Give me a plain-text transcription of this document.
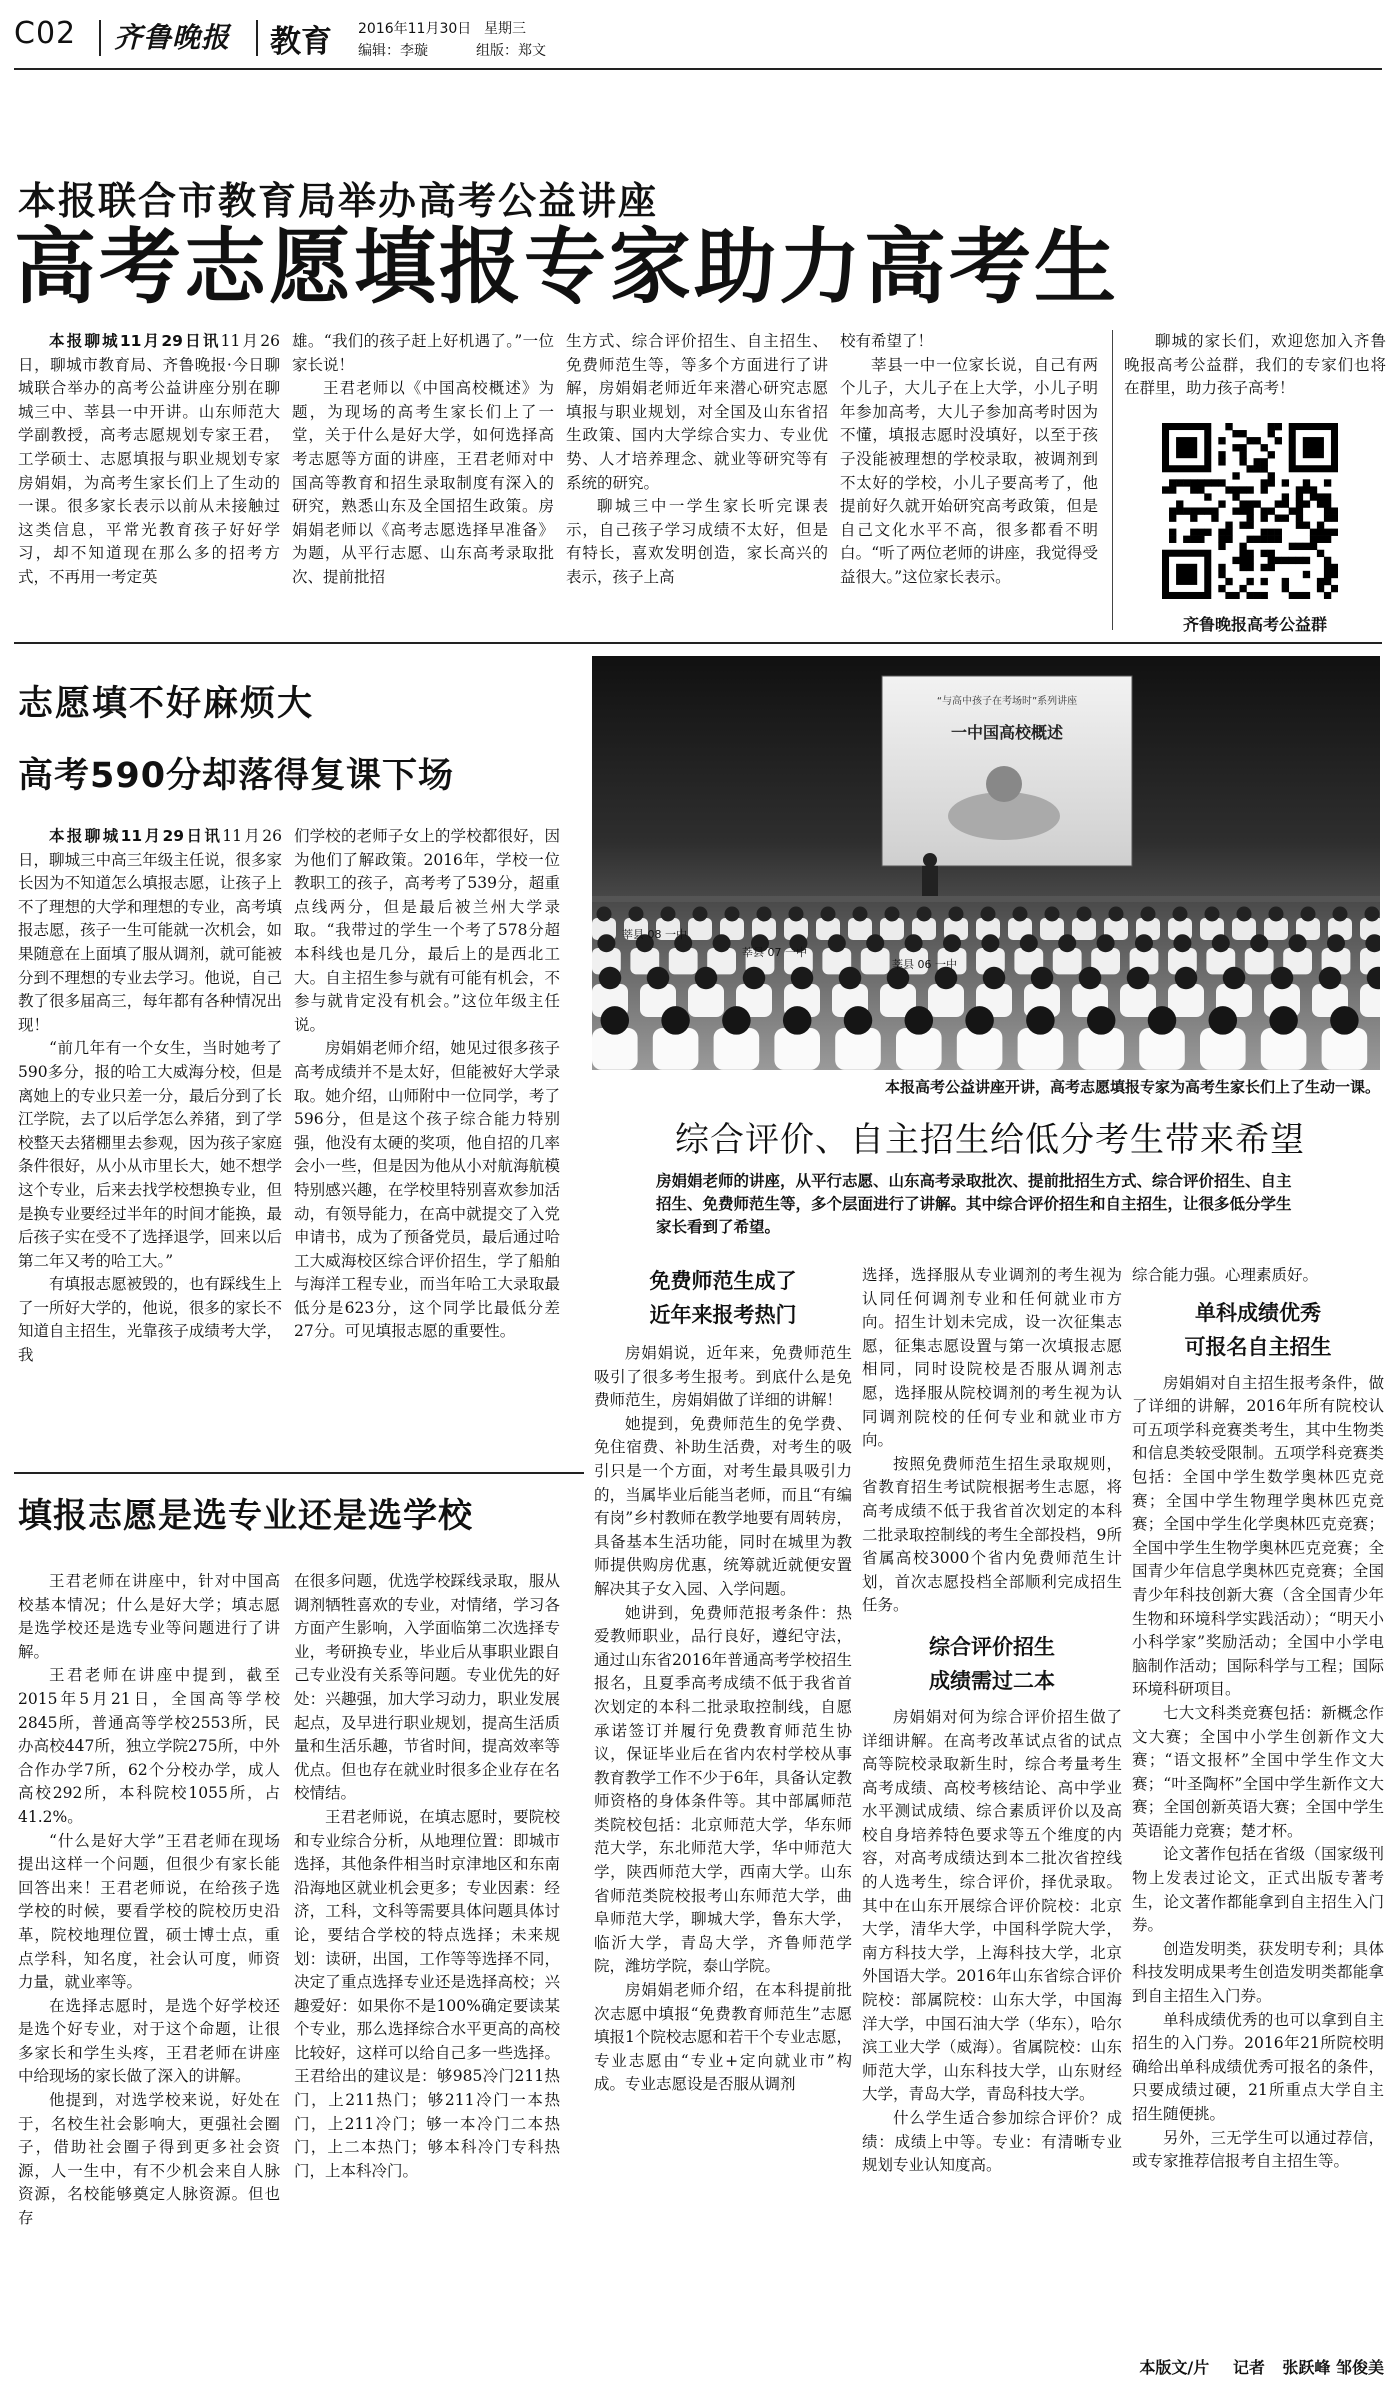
C02 齐鲁晚报 教育 2016年11月30日 星期三
编辑：李璇	组版：郑文
本报联合市教育局举办高考公益讲座
高考志愿填报专家助力高考生

本报聊城11月29日讯11月26日，聊城市教育局、齐鲁晚报·今日聊城联合举办的高考公益讲座分别在聊城三中、莘县一中开讲。山东师范大学副教授，高考志愿规划专家王君，工学硕士、志愿填报与职业规划专家房娟娟，为高考生家长们上了生动的一课。很多家长表示以前从未接触过这类信息，平常光教育孩子好好学习，却不知道现在那么多的招考方式，不再用一考定英

雄。“我们的孩子赶上好机遇了。”一位家长说！

王君老师以《中国高校概述》为题，为现场的高考生家长们上了一堂，关于什么是好大学，如何选择高考志愿等方面的讲座，王君老师对中国高等教育和招生录取制度有深入的研究，熟悉山东及全国招生政策。房娟娟老师以《高考志愿选择早准备》为题，从平行志愿、山东高考录取批次、提前批招

生方式、综合评价招生、自主招生、免费师范生等，等多个方面进行了讲解，房娟娟老师近年来潜心研究志愿填报与职业规划，对全国及山东省招生政策、国内大学综合实力、专业优势、人才培养理念、就业等研究等有系统的研究。

聊城三中一学生家长听完课表示，自己孩子学习成绩不太好，但是有特长，喜欢发明创造，家长高兴的表示，孩子上高

校有希望了！

莘县一中一位家长说，自己有两个儿子，大儿子在上大学，小儿子明年参加高考，大儿子参加高考时因为不懂，填报志愿时没填好，以至于孩子没能被理想的学校录取，被调剂到不太好的学校，小儿子要高考了，他提前好久就开始研究高考政策，但是自己文化水平不高，很多都看不明白。“听了两位老师的讲座，我觉得受益很大。”这位家长表示。

聊城的家长们，欢迎您加入齐鲁晚报高考公益群，我们的专家们也将在群里，助力孩子高考！

齐鲁晚报高考公益群
志愿填不好麻烦大
高考590分却落得复课下场

本报聊城11月29日讯11月26日，聊城三中高三年级主任说，很多家长因为不知道怎么填报志愿，让孩子上不了理想的大学和理想的专业，高考填报志愿，孩子一生可能就一次机会，如果随意在上面填了服从调剂，就可能被分到不理想的专业去学习。他说，自己教了很多届高三，每年都有各种情况出现！

“前几年有一个女生，当时她考了590多分，报的哈工大威海分校，但是离她上的专业只差一分，最后分到了长江学院，去了以后学怎么养猪，到了学校整天去猪棚里去参观，因为孩子家庭条件很好，从小从市里长大，她不想学这个专业，后来去找学校想换专业，但是换专业要经过半年的时间才能换，最后孩子实在受不了选择退学，回来以后第二年又考的哈工大。”

有填报志愿被毁的，也有踩线生上了一所好大学的，他说，很多的家长不知道自主招生，光靠孩子成绩考大学，我

们学校的老师子女上的学校都很好，因为他们了解政策。2016年，学校一位教职工的孩子，高考考了539分，超重点线两分，但是最后被兰州大学录取。“我带过的学生一个考了578分超本科线也是几分，最后上的是西北工大。自主招生参与就有可能有机会，不参与就肯定没有机会。”这位年级主任说。

房娟娟老师介绍，她见过很多孩子高考成绩并不是太好，但能被好大学录取。她介绍，山师附中一位同学，考了596分，但是这个孩子综合能力特别强，他没有太硬的奖项，他自招的几率会小一些，但是因为他从小对航海航模特别感兴趣，在学校里特别喜欢参加活动，有领导能力，在高中就提交了入党申请书，成为了预备党员，最后通过哈工大威海校区综合评价招生，学了船舶与海洋工程专业，而当年哈工大录取最低分是623分，这个同学比最低分差27分。可见填报志愿的重要性。

“与高中孩子在考场时”系列讲座
一中国高校概述
莘县 08 一中
莘县 07 一中
莘县 06 一中
本报高考公益讲座开讲，高考志愿填报专家为高考生家长们上了生动一课。
综合评价、自主招生给低分考生带来希望
房娟娟老师的讲座，从平行志愿、山东高考录取批次、提前批招生方式、综合评价招生、自主招生、免费师范生等，多个层面进行了讲解。其中综合评价招生和自主招生，让很多低分学生家长看到了希望。
免费师范生成了
近年来报考热门

房娟娟说，近年来，免费师范生吸引了很多考生报考。到底什么是免费师范生，房娟娟做了详细的讲解！

她提到，免费师范生的免学费、免住宿费、补助生活费，对考生的吸引只是一个方面，对考生最具吸引力的，当属毕业后能当老师，而且“有编有岗”乡村教师在教学地要有周转房，具备基本生活功能，同时在城里为教师提供购房优惠，统筹就近就便安置解决其子女入园、入学问题。

她讲到，免费师范报考条件：热爱教师职业，品行良好，遵纪守法，通过山东省2016年普通高考学校招生报名，且夏季高考成绩不低于我省首次划定的本科二批录取控制线，自愿承诺签订并履行免费教育师范生协议，保证毕业后在省内农村学校从事教育教学工作不少于6年，具备认定教师资格的身体条件等。其中部属师范类院校包括：北京师范大学，华东师范大学，东北师范大学，华中师范大学，陕西师范大学，西南大学。山东省师范类院校报考山东师范大学，曲阜师范大学，聊城大学，鲁东大学，临沂大学，青岛大学，齐鲁师范学院，潍坊学院，泰山学院。

房娟娟老师介绍，在本科提前批次志愿中填报“免费教育师范生”志愿填报1个院校志愿和若干个专业志愿，专业志愿由“专业+定向就业市”构成。专业志愿设是否服从调剂

选择，选择服从专业调剂的考生视为认同任何调剂专业和任何就业市方向。招生计划未完成，设一次征集志愿，征集志愿设置与第一次填报志愿相同，同时设院校是否服从调剂志愿，选择服从院校调剂的考生视为认同调剂院校的任何专业和就业市方向。

按照免费师范生招生录取规则，省教育招生考试院根据考生志愿，将高考成绩不低于我省首次划定的本科二批录取控制线的考生全部投档，9所省属高校3000个省内免费师范生计划，首次志愿投档全部顺利完成招生任务。

综合评价招生
成绩需过二本

房娟娟对何为综合评价招生做了详细讲解。在高考改革试点省的试点高等院校录取新生时，综合考量考生高考成绩、高校考核结论、高中学业水平测试成绩、综合素质评价以及高校自身培养特色要求等五个维度的内容，对高考成绩达到本二批次省控线的人选考生，综合评价，择优录取。其中在山东开展综合评价院校：北京大学，清华大学，中国科学院大学，南方科技大学，上海科技大学，北京外国语大学。2016年山东省综合评价院校：部属院校：山东大学，中国海洋大学，中国石油大学（华东），哈尔滨工业大学（威海）。省属院校：山东师范大学，山东科技大学，山东财经大学，青岛大学，青岛科技大学。

什么学生适合参加综合评价？成绩：成绩上中等。专业：有清晰专业规划专业认知度高。

综合能力强。心理素质好。

单科成绩优秀
可报名自主招生

房娟娟对自主招生报考条件，做了详细的讲解，2016年所有院校认可五项学科竞赛类考生，其中生物类和信息类较受限制。五项学科竞赛类包括：全国中学生数学奥林匹克竞赛；全国中学生物理学奥林匹克竞赛；全国中学生化学奥林匹克竞赛；全国中学生生物学奥林匹克竞赛；全国青少年信息学奥林匹克竞赛；全国青少年科技创新大赛（含全国青少年生物和环境科学实践活动）；“明天小小科学家”奖励活动；全国中小学电脑制作活动；国际科学与工程；国际环境科研项目。

七大文科类竞赛包括：新概念作文大赛；全国中小学生创新作文大赛；“语文报杯”全国中学生作文大赛；“叶圣陶杯”全国中学生新作文大赛；全国创新英语大赛；全国中学生英语能力竞赛；楚才杯。

论文著作包括在省级（国家级刊物上发表过论文，正式出版专著考生，论文著作都能拿到自主招生入门券。

创造发明类，获发明专利；具体科技发明成果考生创造发明类都能拿到自主招生入门券。

单科成绩优秀的也可以拿到自主招生的入门券。2016年21所院校明确给出单科成绩优秀可报名的条件，只要成绩过硬，21所重点大学自主招生随便挑。

另外，三无学生可以通过荐信，或专家推荐信报考自主招生等。

填报志愿是选专业还是选学校

王君老师在讲座中，针对中国高校基本情况；什么是好大学；填志愿是选学校还是选专业等问题进行了讲解。

王君老师在讲座中提到，截至2015年5月21日，全国高等学校2845所，普通高等学校2553所，民办高校447所，独立学院275所，中外合作办学7所，62个分校办学，成人高校292所，本科院校1055所，占41.2%。

“什么是好大学”王君老师在现场提出这样一个问题，但很少有家长能回答出来！王君老师说，在给孩子选学校的时候，要看学校的院校历史沿革，院校地理位置，硕士博士点，重点学科，知名度，社会认可度，师资力量，就业率等。

在选择志愿时，是选个好学校还是选个好专业，对于这个命题，让很多家长和学生头疼，王君老师在讲座中给现场的家长做了深入的讲解。

他提到，对选学校来说，好处在于，名校生社会影响大，更强社会圈子，借助社会圈子得到更多社会资源，人一生中，有不少机会来自人脉资源，名校能够奠定人脉资源。但也存

在很多问题，优选学校踩线录取，服从调剂牺牲喜欢的专业，对情绪，学习各方面产生影响，入学面临第二次选择专业，考研换专业，毕业后从事职业跟自己专业没有关系等问题。专业优先的好处：兴趣强，加大学习动力，职业发展起点，及早进行职业规划，提高生活质量和生活乐趣，节省时间，提高效率等优点。但也存在就业时很多企业存在名校情结。

王君老师说，在填志愿时，要院校和专业综合分析，从地理位置：即城市选择，其他条件相当时京津地区和东南沿海地区就业机会更多；专业因素：经济，工科，文科等需要具体问题具体讨论，要结合学校的特点选择；未来规划：读研，出国，工作等等选择不同，决定了重点选择专业还是选择高校；兴趣爱好：如果你不是100%确定要读某个专业，那么选择综合水平更高的高校比较好，这样可以给自己多一些选择。王君给出的建议是：够985冷门211热门，上211热门；够211冷门一本热门，上211冷门；够一本冷门二本热门，上二本热门；够本科冷门专科热门，上本科冷门。

本版文/片 记者 张跃峰 邹俊美
